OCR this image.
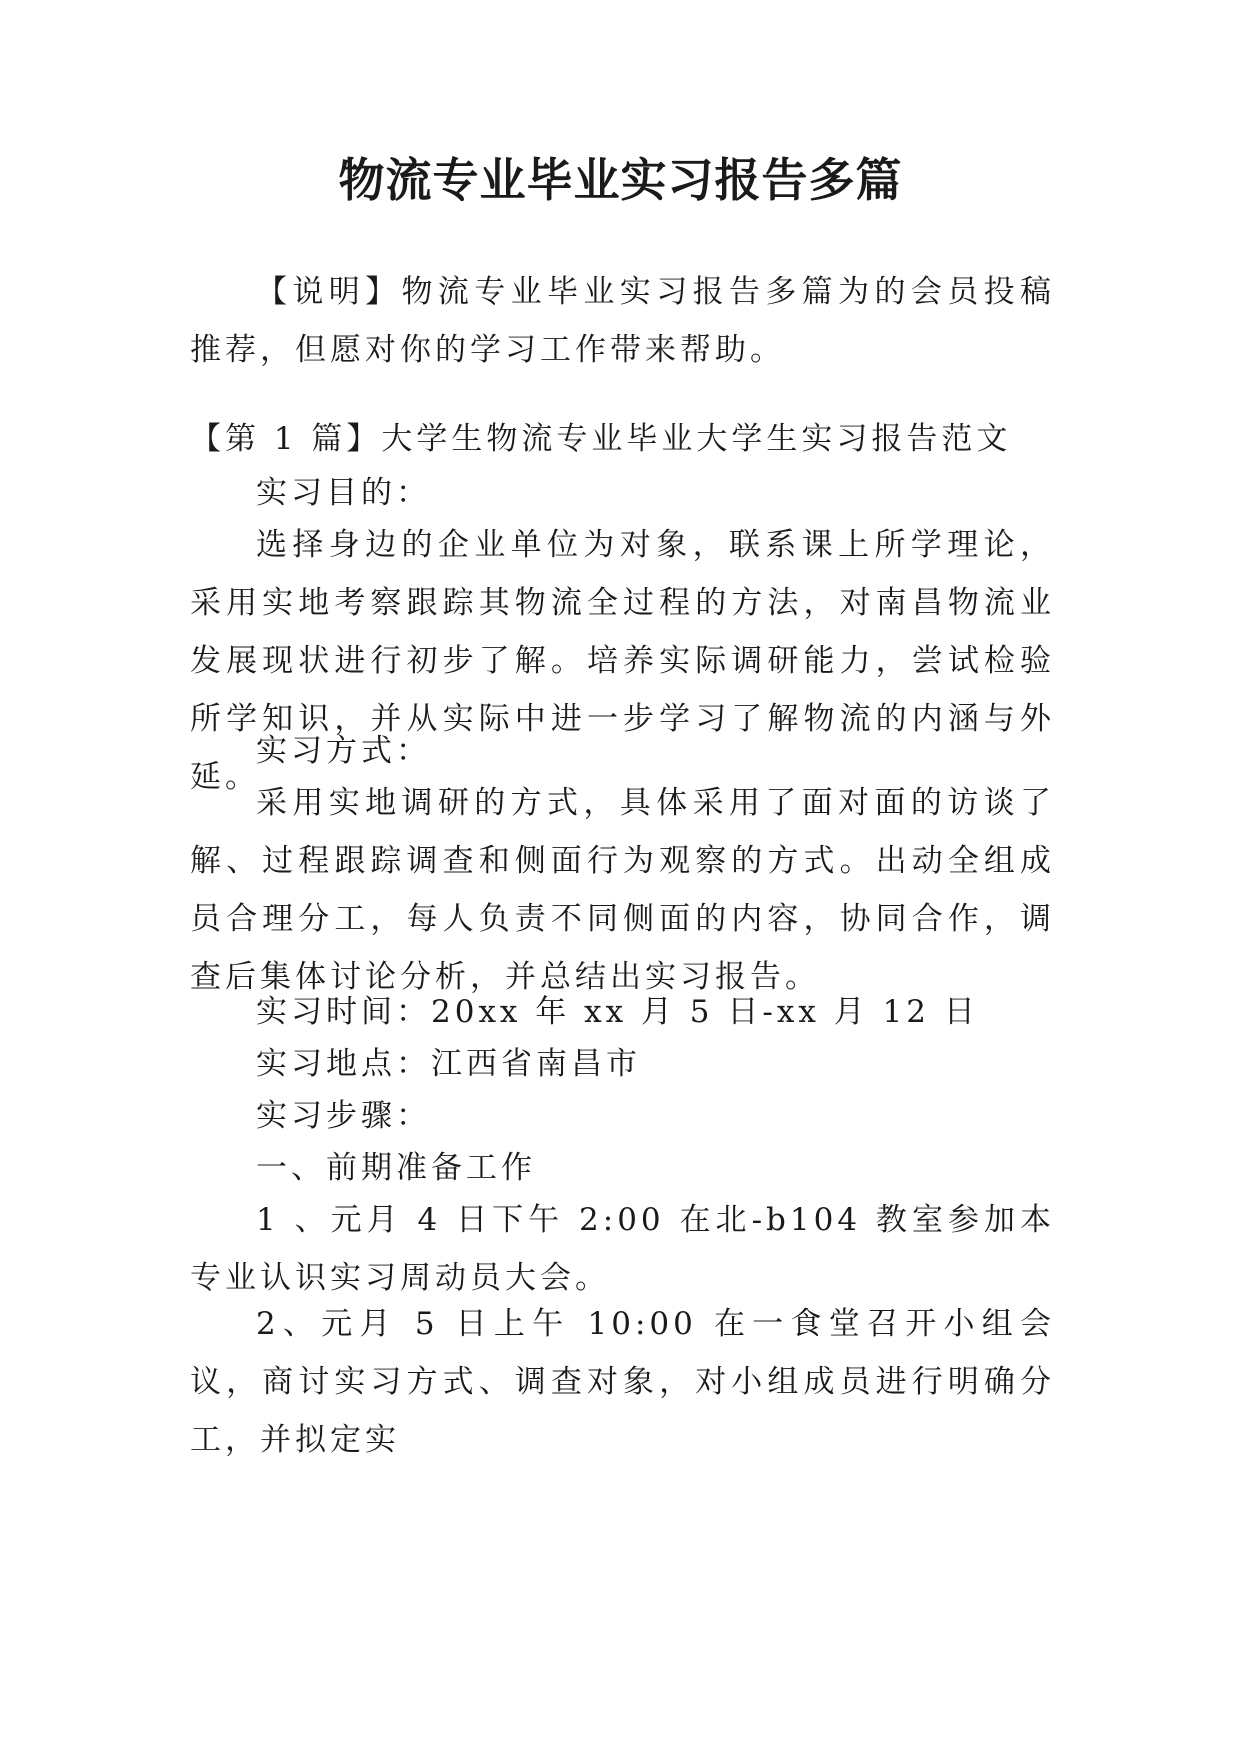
物流专业毕业实习报告多篇

【说明】物流专业毕业实习报告多篇为的会员投稿推荐，但愿对你的学习工作带来帮助。

【第 1 篇】大学生物流专业毕业大学生实习报告范文

实习目的：

选择身边的企业单位为对象，联系课上所学理论，采用实地考察跟踪其物流全过程的方法，对南昌物流业发展现状进行初步了解。培养实际调研能力，尝试检验所学知识，并从实际中进一步学习了解物流的内涵与外延。

实习方式：

采用实地调研的方式，具体采用了面对面的访谈了解、过程跟踪调查和侧面行为观察的方式。出动全组成员合理分工，每人负责不同侧面的内容，协同合作，调查后集体讨论分析，并总结出实习报告。

实习时间：20xx 年 xx 月 5 日-xx 月 12 日

实习地点：江西省南昌市

实习步骤：

一、前期准备工作

1 、元月 4 日下午 2:00 在北-b104 教室参加本专业认识实习周动员大会。

2、元月 5 日上午 10:00 在一食堂召开小组会议，商讨实习方式、调查对象，对小组成员进行明确分工，并拟定实
